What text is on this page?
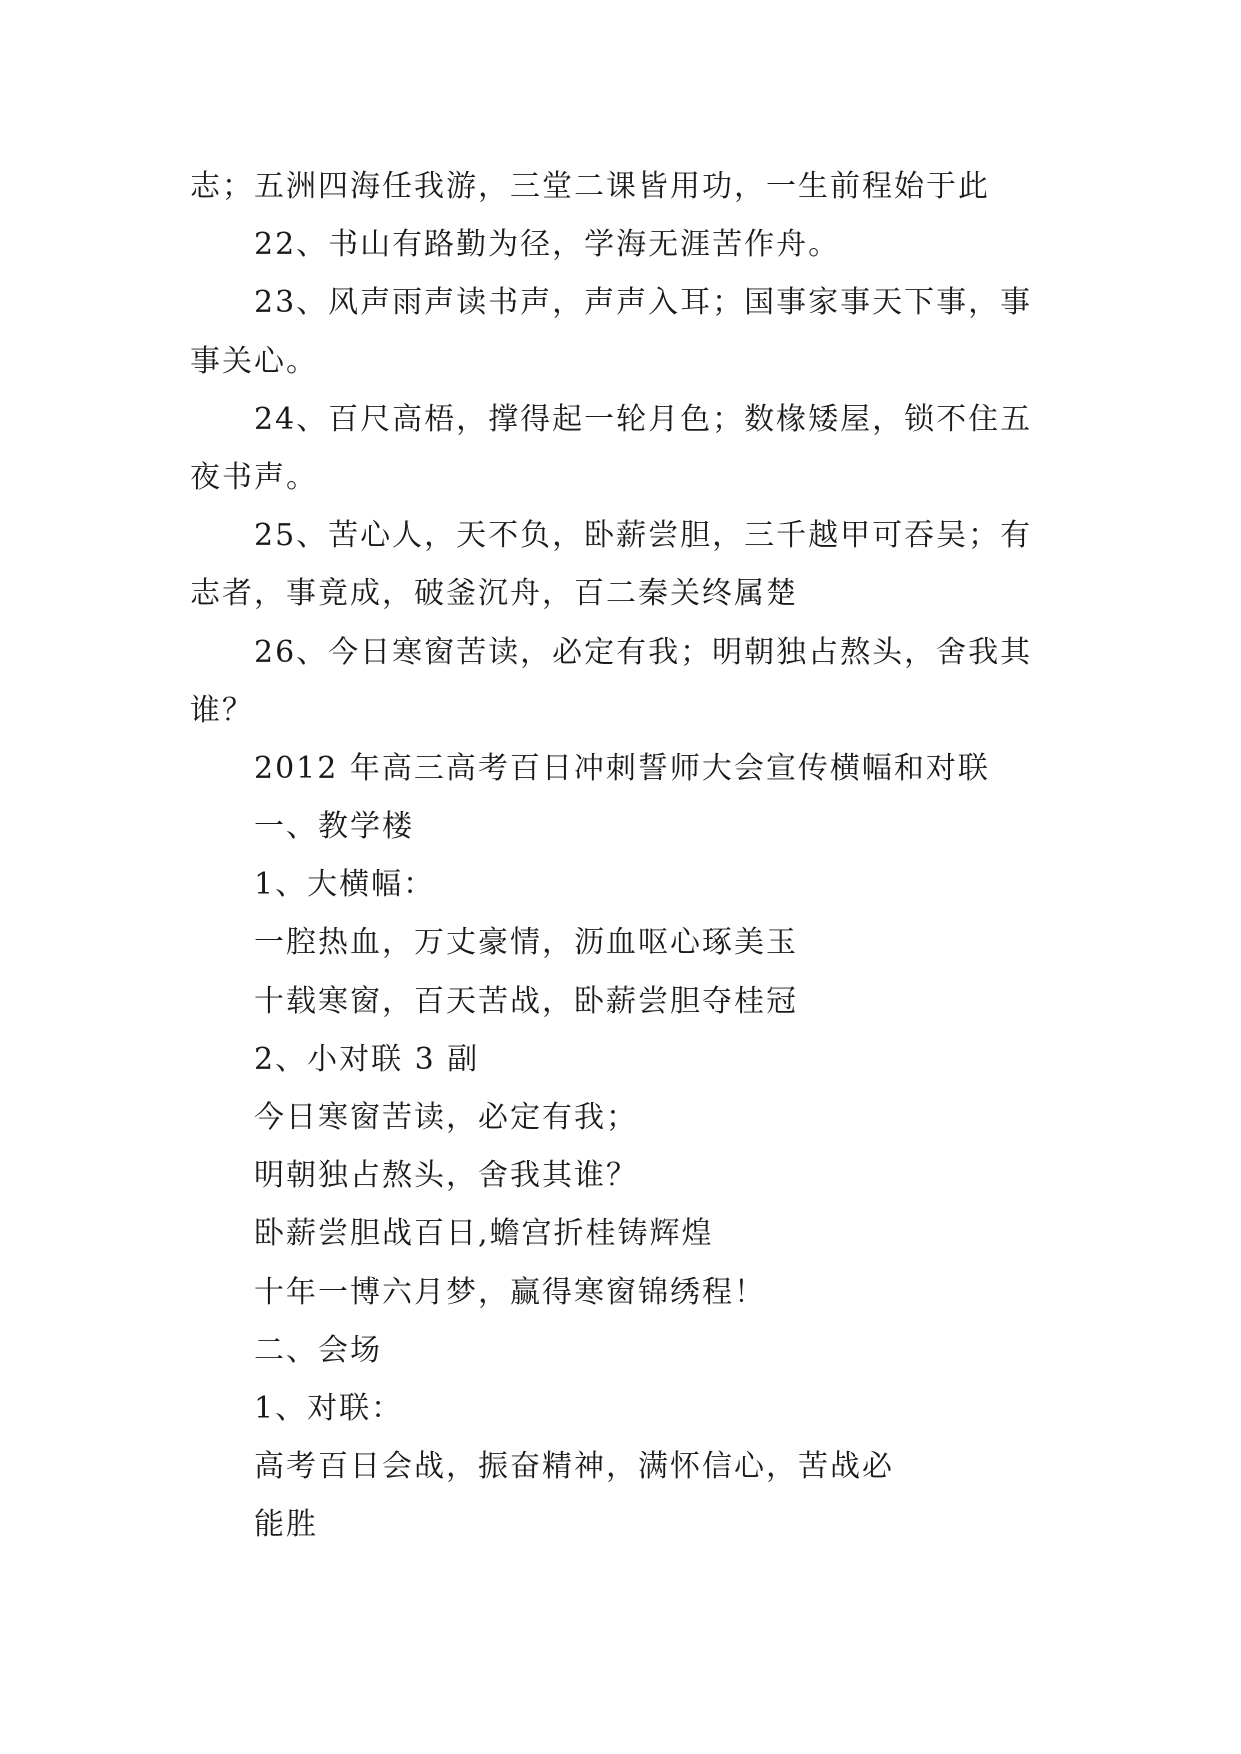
志；五洲四海任我游，三堂二课皆用功，一生前程始于此
22、书山有路勤为径，学海无涯苦作舟。
23、风声雨声读书声，声声入耳；国事家事天下事，事
事关心。
24、百尺高梧，撑得起一轮月色；数椽矮屋，锁不住五
夜书声。
25、苦心人，天不负，卧薪尝胆，三千越甲可吞吴；有
志者，事竟成，破釜沉舟，百二秦关终属楚
26、今日寒窗苦读，必定有我；明朝独占熬头，舍我其
谁？
2012 年高三高考百日冲刺誓师大会宣传横幅和对联
一、教学楼
1、大横幅：
一腔热血，万丈豪情，沥血呕心琢美玉
十载寒窗，百天苦战，卧薪尝胆夺桂冠
2、小对联 3 副
今日寒窗苦读，必定有我；
明朝独占熬头，舍我其谁？
卧薪尝胆战百日,蟾宫折桂铸辉煌
十年一博六月梦，赢得寒窗锦绣程！
二、会场
1、对联：
高考百日会战，振奋精神，满怀信心，苦战必
能胜
